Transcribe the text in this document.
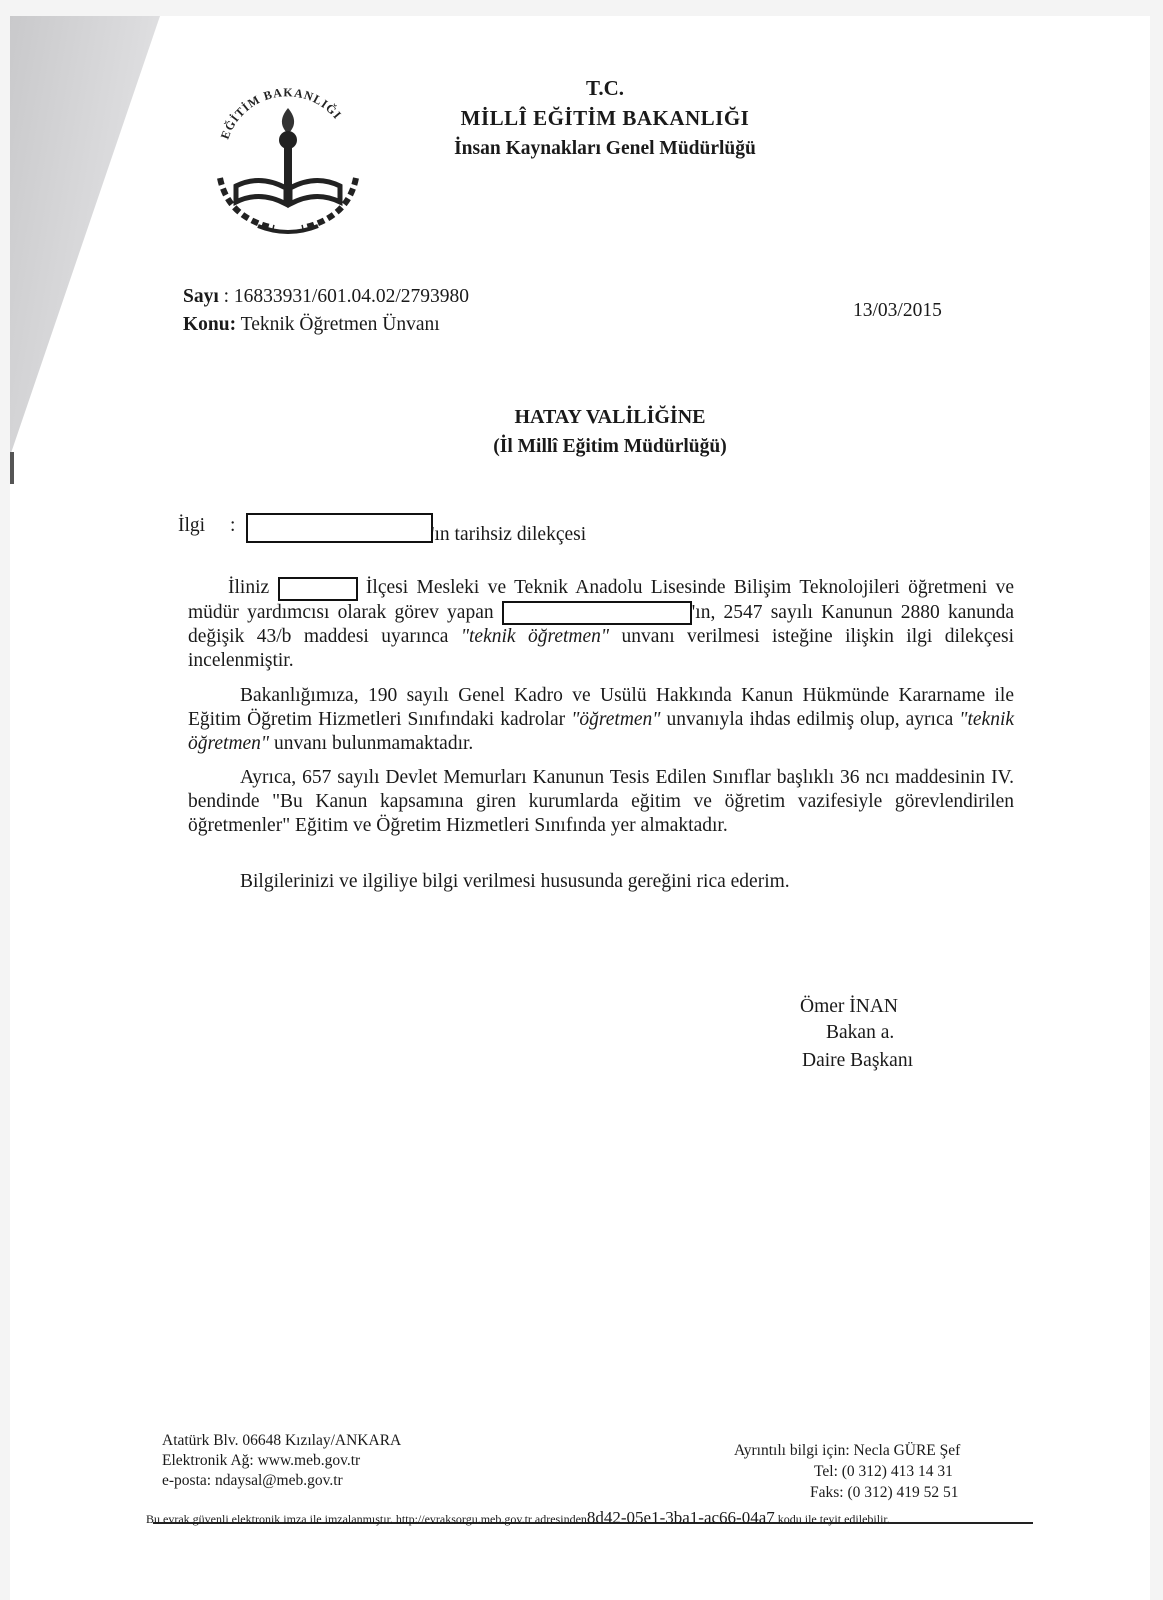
EĞİTİM BAKANLIĞI
T.C.
MİLLÎ EĞİTİM BAKANLIĞI
İnsan Kaynakları Genel Müdürlüğü
Sayı : 16833931/601.04.02/2793980
Konu: Teknik Öğretmen Ünvanı
13/03/2015
HATAY VALİLİĞİNE
(İl Millî Eğitim Müdürlüğü)
İlgi :	'ın tarihsiz dilekçesi

İliniz	İlçesi Mesleki ve Teknik Anadolu Lisesinde Bilişim Teknolojileri öğretmeni ve müdür yardımcısı olarak görev yapan	'ın, 2547 sayılı Kanunun 2880 kanunda değişik 43/b maddesi uyarınca "teknik öğretmen" unvanı verilmesi isteğine ilişkin ilgi dilekçesi incelenmiştir.

Bakanlığımıza, 190 sayılı Genel Kadro ve Usülü Hakkında Kanun Hükmünde Kararname ile Eğitim Öğretim Hizmetleri Sınıfındaki kadrolar "öğretmen" unvanıyla ihdas edilmiş olup, ayrıca "teknik öğretmen" unvanı bulunmamaktadır.

Ayrıca, 657 sayılı Devlet Memurları Kanunun Tesis Edilen Sınıflar başlıklı 36 ncı maddesinin IV. bendinde "Bu Kanun kapsamına giren kurumlarda eğitim ve öğretim vazifesiyle görevlendirilen öğretmenler" Eğitim ve Öğretim Hizmetleri Sınıfında yer almaktadır.

Bilgilerinizi ve ilgiliye bilgi verilmesi hususunda gereğini rica ederim.

Ömer İNAN
Bakan a.
Daire Başkanı
Atatürk Blv. 06648 Kızılay/ANKARA
Elektronik Ağ: www.meb.gov.tr
e-posta: ndaysal@meb.gov.tr
Ayrıntılı bilgi için: Necla GÜRE Şef
Tel: (0 312) 413 14 31
Faks: (0 312) 419 52 51
Bu evrak güvenli elektronik imza ile imzalanmıştır. http://evraksorgu.meb.gov.tr adresinden8d42-05e1-3ba1-ac66-04a7 kodu ile teyit edilebilir.
